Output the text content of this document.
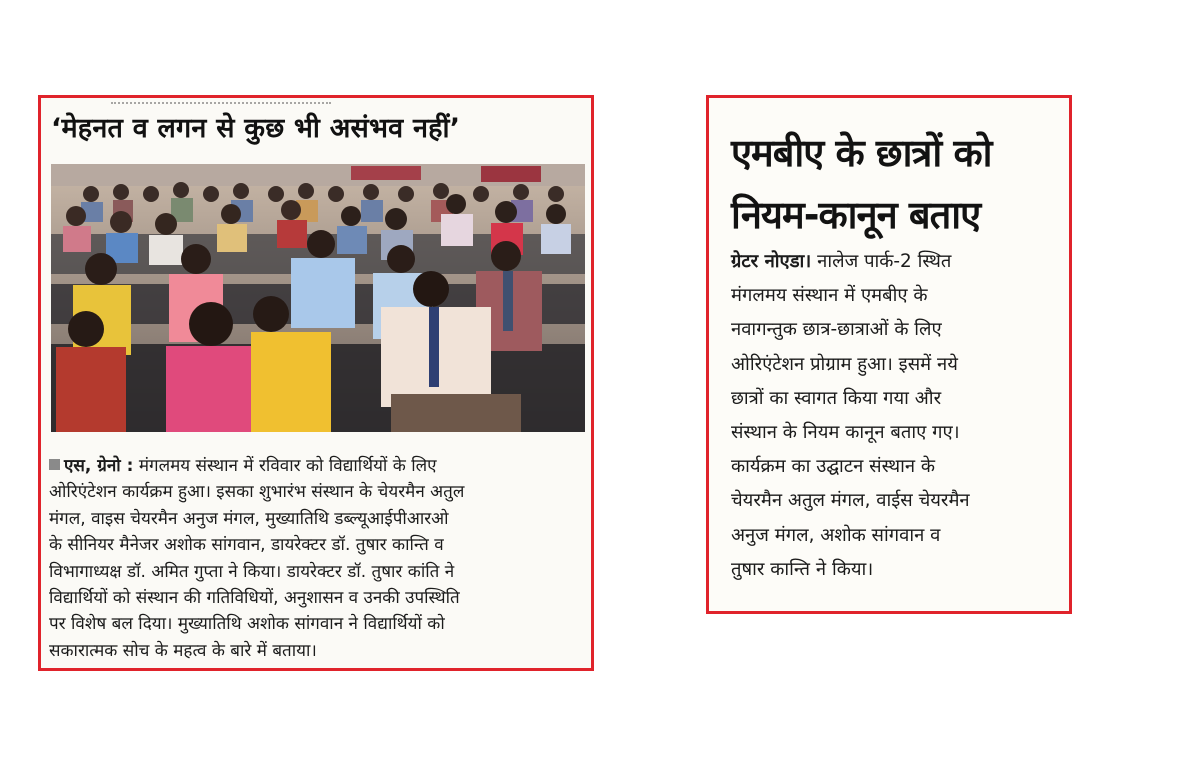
‘मेहनत व लगन से कुछ भी असंभव नहीं’
एस, ग्रेनो : मंगलमय संस्थान में रविवार को विद्यार्थियों के लिए
ओरिएंटेशन कार्यक्रम हुआ। इसका शुभारंभ संस्थान के चेयरमैन अतुल
मंगल, वाइस चेयरमैन अनुज मंगल, मुख्यातिथि डब्ल्यूआईपीआरओ
के सीनियर मैनेजर अशोक सांगवान, डायरेक्टर डॉ. तुषार कान्ति व
विभागाध्यक्ष डॉ. अमित गुप्ता ने किया। डायरेक्टर डॉ. तुषार कांति ने
विद्यार्थियों को संस्थान की गतिविधियों, अनुशासन व उनकी उपस्थिति
पर विशेष बल दिया। मुख्यातिथि अशोक सांगवान ने विद्यार्थियों को
सकारात्मक सोच के महत्व के बारे में बताया।
एमबीए के छात्रों को
नियम-कानून बताए
ग्रेटर नोएडा। नालेज पार्क-2 स्थित
मंगलमय संस्थान में एमबीए के
नवागन्तुक छात्र-छात्राओं के लिए
ओरिएंटेशन प्रोग्राम हुआ। इसमें नये
छात्रों का स्वागत किया गया और
संस्थान के नियम कानून बताए गए।
कार्यक्रम का उद्घाटन संस्थान के
चेयरमैन अतुल मंगल, वाईस चेयरमैन
अनुज मंगल, अशोक सांगवान व
तुषार कान्ति ने किया।
